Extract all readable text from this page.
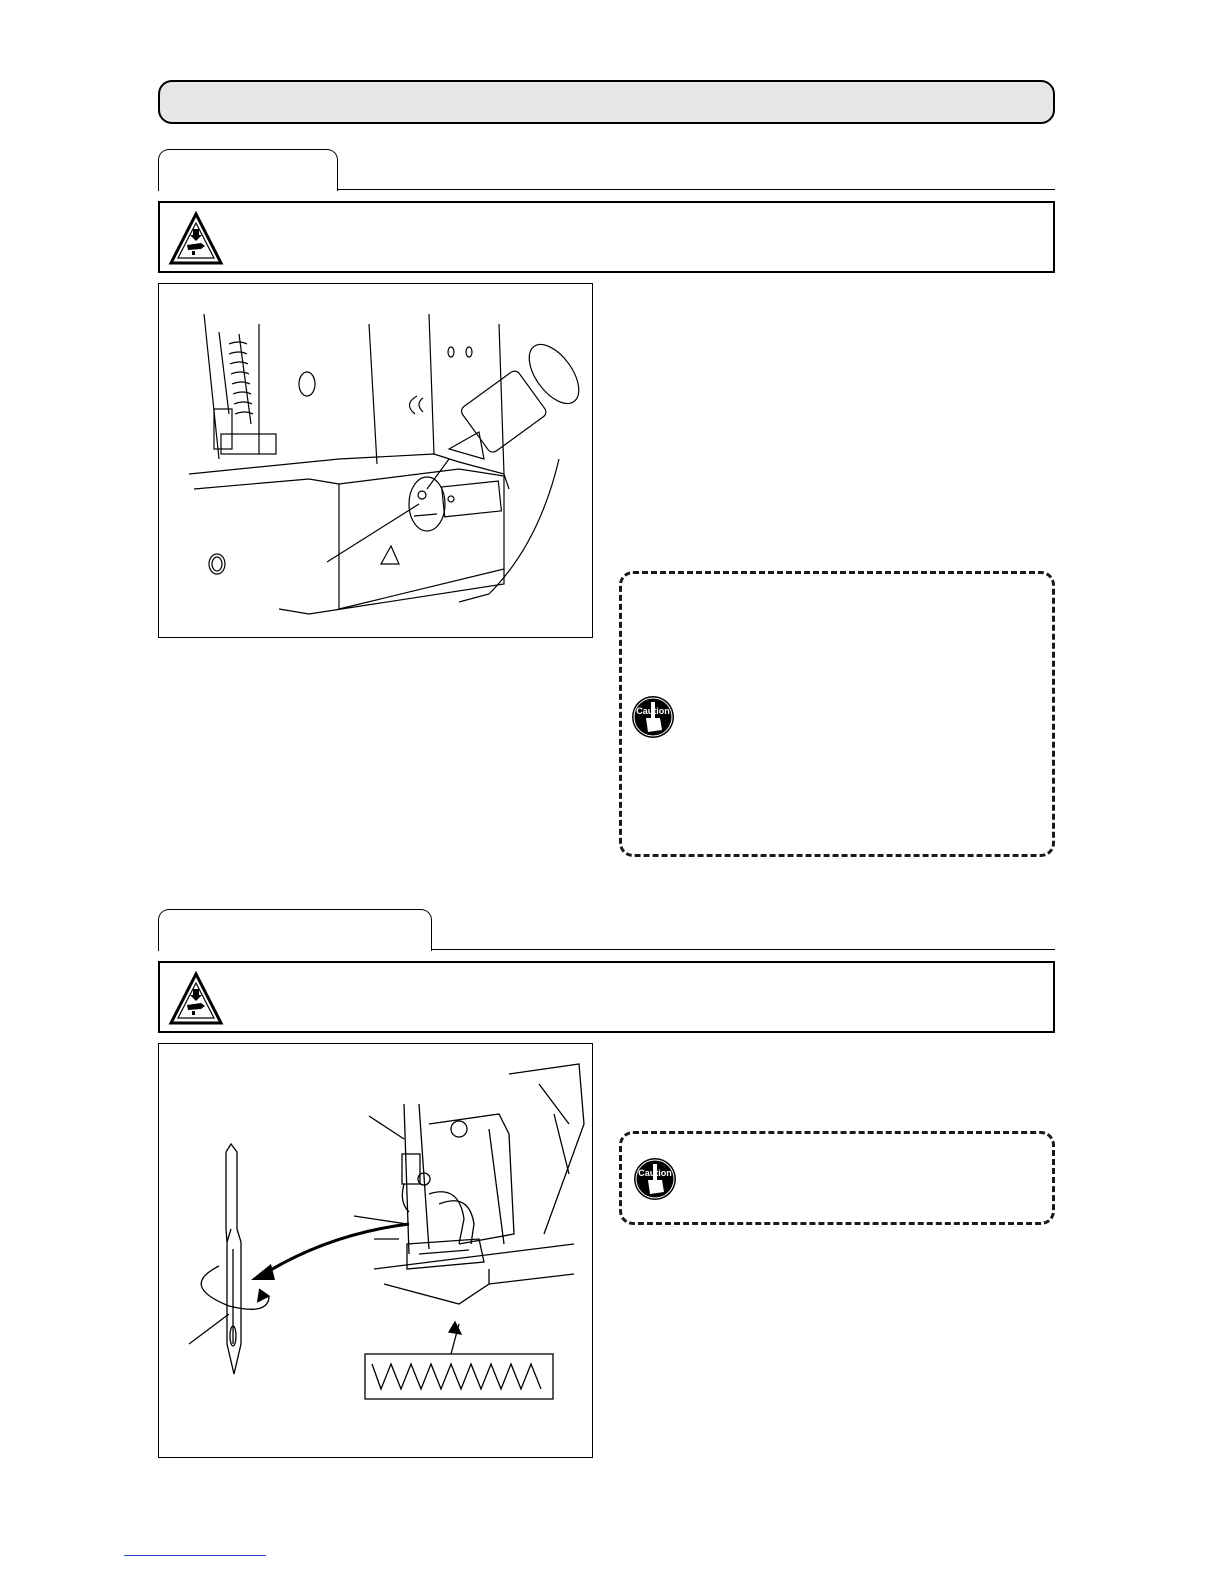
Caution
Caution
